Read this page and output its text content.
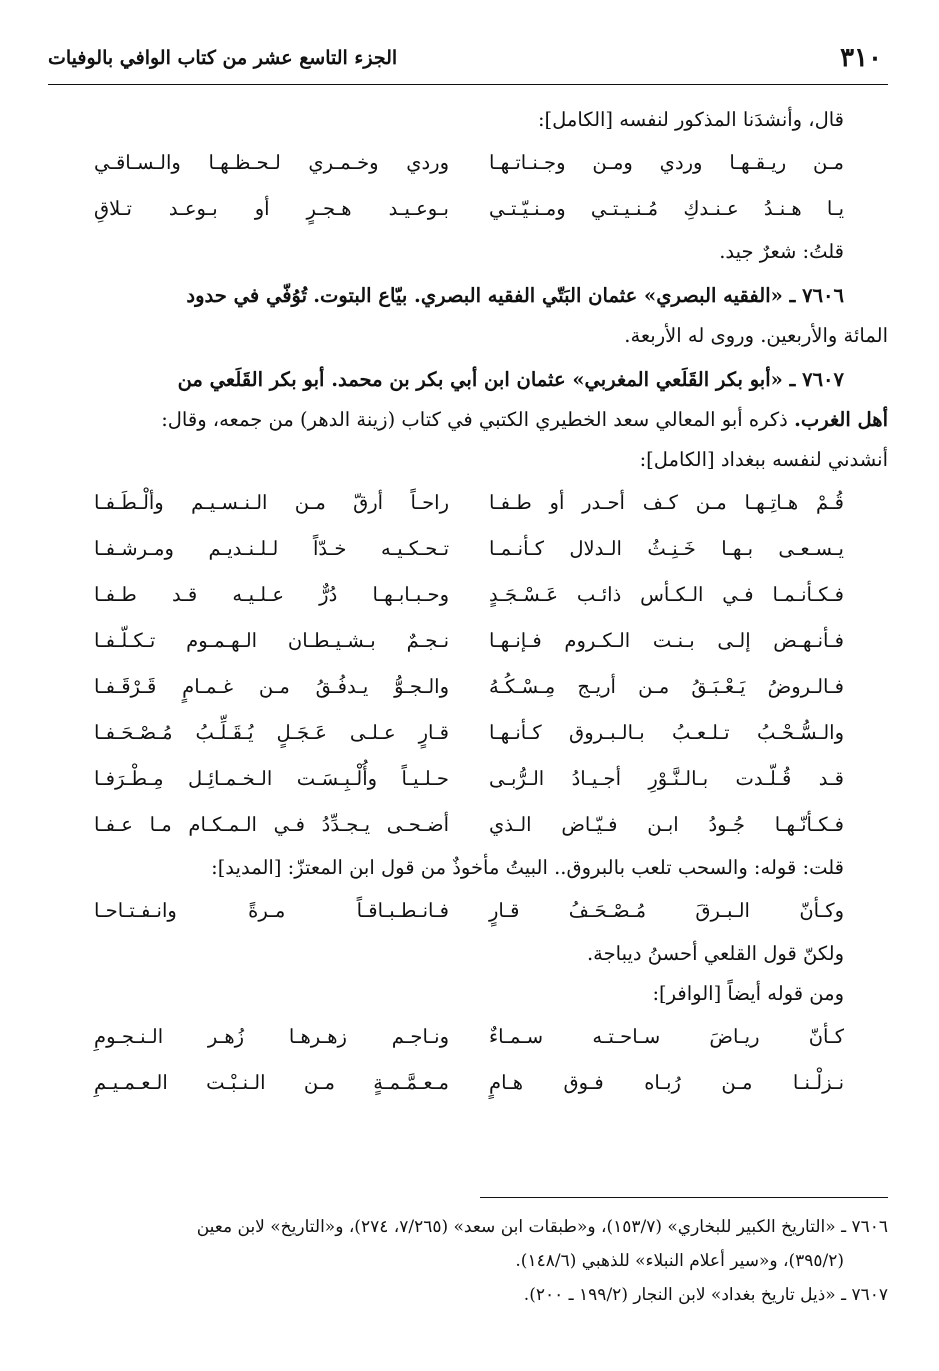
٣١٠
الجزء التاسع عشر من كتاب الوافي بالوفيات

قال، وأنشدَنا المذكور لنفسه [الكامل]:

مـن ريـقـهـا وردي ومـن وجـنـاتـهـا
وردي وخـمـري لـحـظـهـا والـسـاقـي
يـا هـنـدُ عـنـدكِ مُـنـيـتـي ومـنـيّـتـي
بـوعـيـد هـجـرٍ أو بـوعـد تـلاقِ

قلتُ: شعرٌ جيد.

٧٦٠٦ ـ «الفقيه البصري» عثمان البَتّي الفقيه البصري. بيّاع البتوت. تُوُفّي في حدود

المائة والأربعين. وروى له الأربعة.

٧٦٠٧ ـ «أبو بكر القَلَعي المغربي» عثمان ابن أبي بكر بن محمد. أبو بكر القَلَعي من

أهل الغرب. ذكره أبو المعالي سعد الخطيري الكتبي في كتاب (زينة الدهر) من جمعه، وقال:

أنشدني لنفسه ببغداد [الكامل]:

قُـمْ هـاتِـهـا مـن كـف أحـدر أو طـفـا
راحـاً أرقّ مـن الـنـسـيـم وألْـطَـفـا
يـسـعـى بـهـا خَـنِـثُ الـدلال كـأنـمـا
تـحـكـيـه خـدّاً لـلـنـديـم ومـرشـفـا
فـكـأنـمـا فـي الـكـأس ذائـب عَـسْـجَـدٍ
وحـبـابـهـا دُرٌّ عـلـيـه قـد طـفـا
فـأنـهـض إلـى بـنـت الـكـروم فـإنـهـا
نـجـمٌ بـشـيـطـان الـهـمـوم تـكـلّـفـا
فـالـروضُ يَـعْـبَـقُ مـن أريـج مِـسْـكُـهُ
والـجـوُّ يـدفُـقُ مـن غـمـامٍ قَـرْقَـفـا
والـسُّـحْـبُ تـلـعـبُ بـالـبـروق كـأنـهـا
قـارٍ عـلـى عَـجَـلٍ يُـقَـلِّـبُ مُـصْـحَـفـا
قـد قُـلّـدت بـالـنَّـوْرِ أجـيـادُ الـرُّبـى
حـلـيـاً وأُلْـبِـسَـت الـخـمـائِـل مِـطْـرَفـا
فـكـأنّـهـا جُـودُ ابـن فـيّـاض الـذي
أضـحـى يـجـدِّدُ فـي الـمـكـام مـا عـفـا

قلت: قوله: والسحب تلعب بالبروق.. البيتُ مأخوذٌ من قول ابن المعتزّ: [المديد]:

وكـأنّ الـبـرقَ مُـصْـحَـفُ قـارٍ
فـانـطـبـاقـاً مـرةً وانـفـتـاحـا

ولكنّ قول القلعي أحسنُ ديباجة.

ومن قوله أيضاً [الوافر]:

كـأنّ ريـاضَ سـاحـتـه سـمـاءٌ
ونـاجـم زهـرهـا زُهـر الـنـجـومِ
نـزلْـنـا مـن رُبـاه فـوق هـامٍ
مـعـمَّـمـةٍ مـن الـنـبْـت الـعـمـيـمِ

٧٦٠٦ ـ «التاريخ الكبير للبخاري» (١٥٣/٧)، و«طبقات ابن سعد» (٧/٢٦٥، ٢٧٤)، و«التاريخ» لابن معين

(٣٩٥/٢)، و«سير أعلام النبلاء» للذهبي (١٤٨/٦).

٧٦٠٧ ـ «ذيل تاريخ بغداد» لابن النجار (١٩٩/٢ ـ ٢٠٠).
